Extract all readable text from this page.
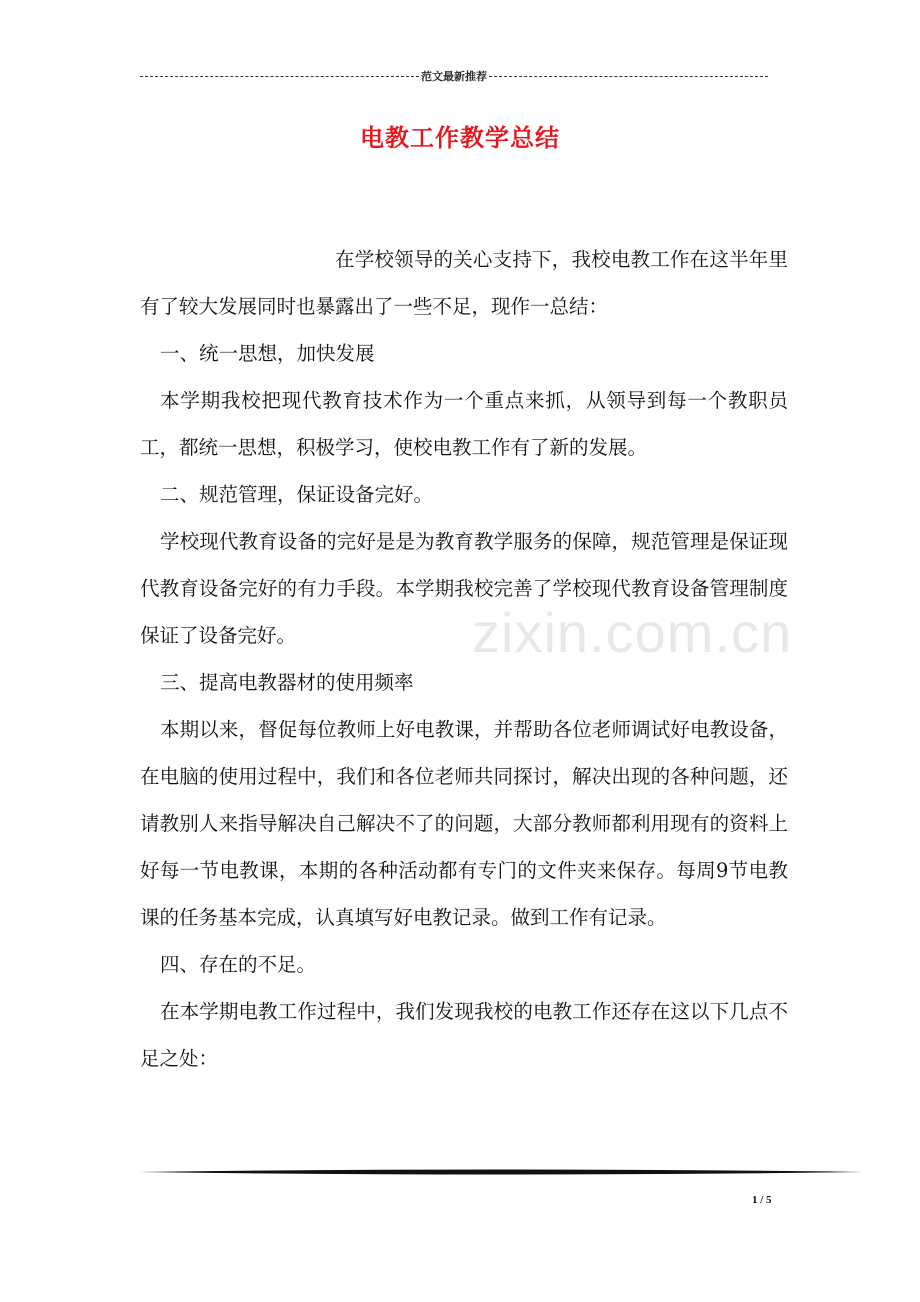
范文最新推荐
电教工作教学总结

在学校领导的关心支持下，我校电教工作在这半年里有了较大发展同时也暴露出了一些不足，现作一总结：

一、统一思想，加快发展

本学期我校把现代教育技术作为一个重点来抓，从领导到每一个教职员工，都统一思想，积极学习，使校电教工作有了新的发展。

二、规范管理，保证设备完好。

学校现代教育设备的完好是是为教育教学服务的保障，规范管理是保证现代教育设备完好的有力手段。本学期我校完善了学校现代教育设备管理制度保证了设备完好。

三、提高电教器材的使用频率

本期以来，督促每位教师上好电教课，并帮助各位老师调试好电教设备，在电脑的使用过程中，我们和各位老师共同探讨，解决出现的各种问题，还请教别人来指导解决自己解决不了的问题，大部分教师都利用现有的资料上好每一节电教课，本期的各种活动都有专门的文件夹来保存。每周9节电教课的任务基本完成，认真填写好电教记录。做到工作有记录。

四、存在的不足。

在本学期电教工作过程中，我们发现我校的电教工作还存在这以下几点不足之处：

zixin.com.cn
1 / 5
